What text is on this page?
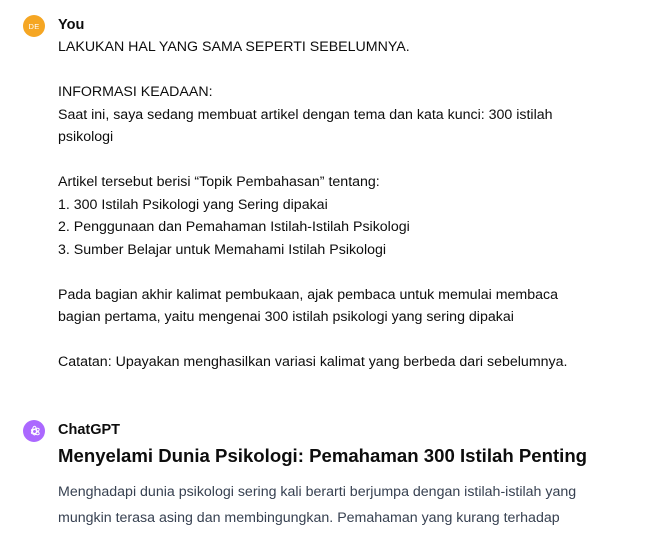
DE You
LAKUKAN HAL YANG SAMA SEPERTI SEBELUMNYA.
INFORMASI KEADAAN:
Saat ini, saya sedang membuat artikel dengan tema dan kata kunci: 300 istilah
psikologi
Artikel tersebut berisi “Topik Pembahasan” tentang:
1. 300 Istilah Psikologi yang Sering dipakai
2. Penggunaan dan Pemahaman Istilah-Istilah Psikologi
3. Sumber Belajar untuk Memahami Istilah Psikologi
Pada bagian akhir kalimat pembukaan, ajak pembaca untuk memulai membaca
bagian pertama, yaitu mengenai 300 istilah psikologi yang sering dipakai
Catatan: Upayakan menghasilkan variasi kalimat yang berbeda dari sebelumnya.
ChatGPT
Menyelami Dunia Psikologi: Pemahaman 300 Istilah Penting
Menghadapi dunia psikologi sering kali berarti berjumpa dengan istilah-istilah yang
mungkin terasa asing dan membingungkan. Pemahaman yang kurang terhadap
